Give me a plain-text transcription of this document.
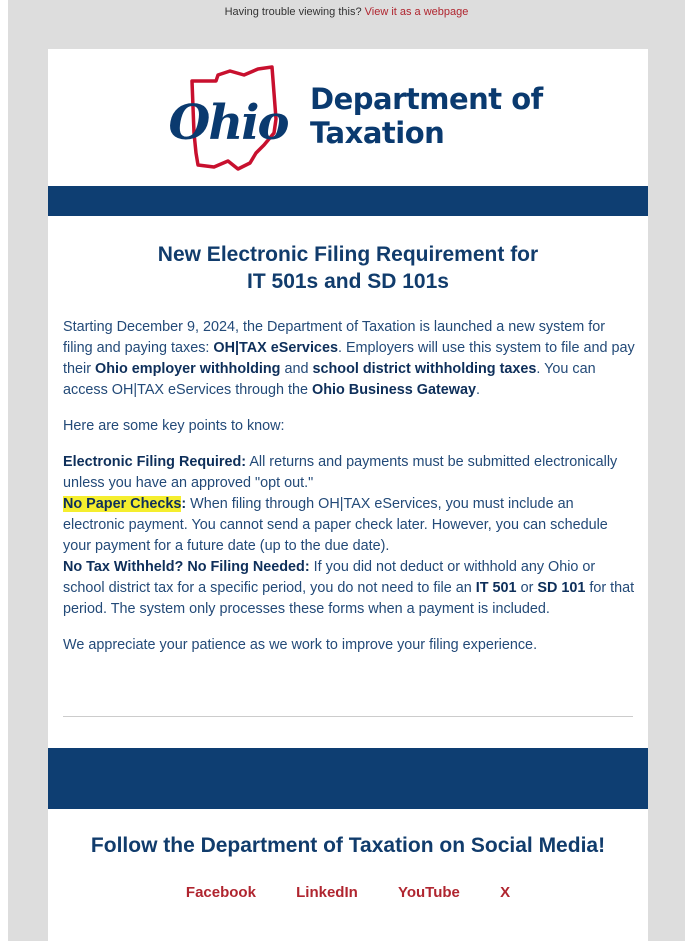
Having trouble viewing this? View it as a webpage
Ohio Department of
Taxation
New Electronic Filing Requirement for
IT 501s and SD 101s

Starting December 9, 2024, the Department of Taxation is launched a new system for filing and paying taxes: OH|TAX eServices. Employers will use this system to file and pay their Ohio employer withholding and school district withholding taxes. You can access OH|TAX eServices through the Ohio Business Gateway.

Here are some key points to know:

Electronic Filing Required: All returns and payments must be submitted electronically unless you have an approved "opt out."
No Paper Checks: When filing through OH|TAX eServices, you must include an electronic payment. You cannot send a paper check later. However, you can schedule your payment for a future date (up to the due date).
No Tax Withheld? No Filing Needed: If you did not deduct or withhold any Ohio or school district tax for a specific period, you do not need to file an IT 501 or SD 101 for that period. The system only processes these forms when a payment is included.

We appreciate your patience as we work to improve your filing experience.

Follow the Department of Taxation on Social Media!
Facebook	LinkedIn	YouTube	X
